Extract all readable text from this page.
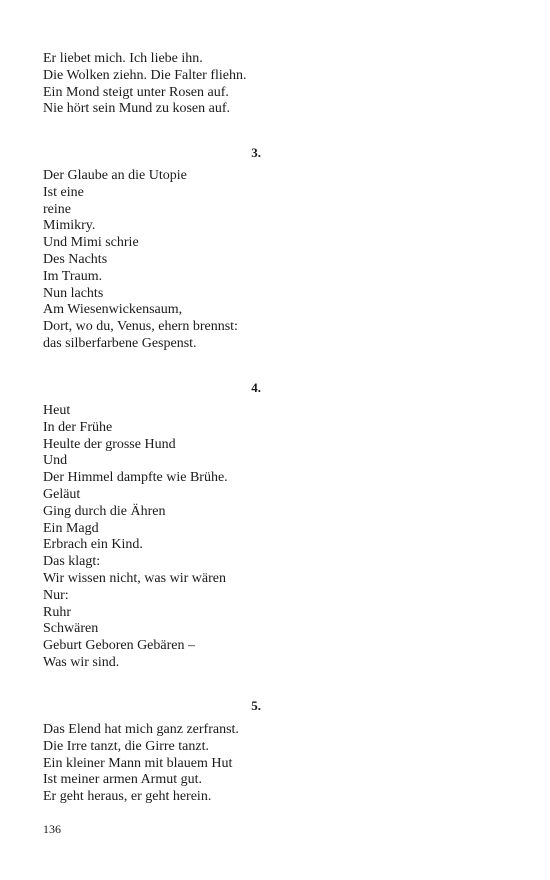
Er liebet mich. Ich liebe ihn.
Die Wolken ziehn. Die Falter fliehn.
Ein Mond steigt unter Rosen auf.
Nie hört sein Mund zu kosen auf.
3.
Der Glaube an die Utopie
Ist eine
reine
Mimikry.
Und Mimi schrie
Des Nachts
Im Traum.
Nun lachts
Am Wiesenwickensaum,
Dort, wo du, Venus, ehern brennst:
das silberfarbene Gespenst.
4.
Heut
In der Frühe
Heulte der grosse Hund
Und
Der Himmel dampfte wie Brühe.
Geläut
Ging durch die Ähren
Ein Magd
Erbrach ein Kind.
Das klagt:
Wir wissen nicht, was wir wären
Nur:
Ruhr
Schwären
Geburt Geboren Gebären –
Was wir sind.
5.
Das Elend hat mich ganz zerfranst.
Die Irre tanzt, die Girre tanzt.
Ein kleiner Mann mit blauem Hut
Ist meiner armen Armut gut.
Er geht heraus, er geht herein.
136
